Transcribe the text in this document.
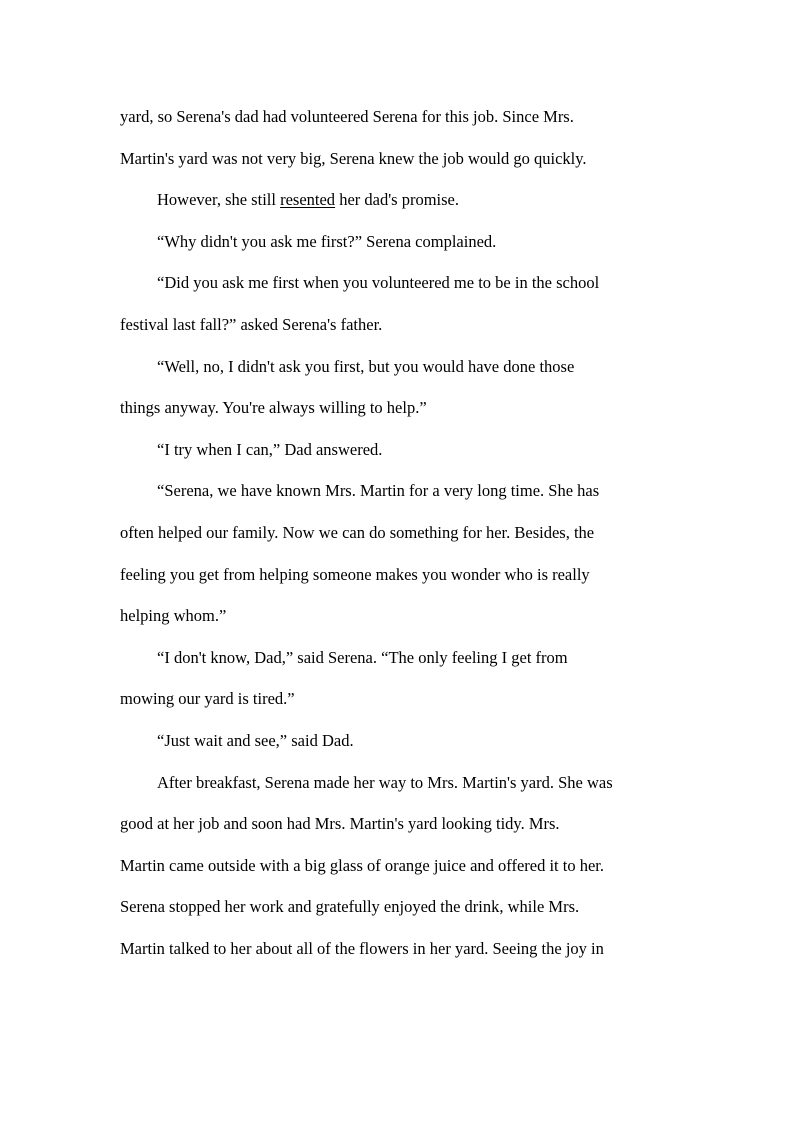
yard, so Serena's dad had volunteered Serena for this job. Since Mrs.
Martin's yard was not very big, Serena knew the job would go quickly.
However, she still resented her dad's promise.
“Why didn't you ask me first?” Serena complained.
“Did you ask me first when you volunteered me to be in the school
festival last fall?” asked Serena's father.
“Well, no, I didn't ask you first, but you would have done those
things anyway. You're always willing to help.”
“I try when I can,” Dad answered.
“Serena, we have known Mrs. Martin for a very long time. She has
often helped our family. Now we can do something for her. Besides, the
feeling you get from helping someone makes you wonder who is really
helping whom.”
“I don't know, Dad,” said Serena. “The only feeling I get from
mowing our yard is tired.”
“Just wait and see,” said Dad.
After breakfast, Serena made her way to Mrs. Martin's yard. She was
good at her job and soon had Mrs. Martin's yard looking tidy. Mrs.
Martin came outside with a big glass of orange juice and offered it to her.
Serena stopped her work and gratefully enjoyed the drink, while Mrs.
Martin talked to her about all of the flowers in her yard. Seeing the joy in
